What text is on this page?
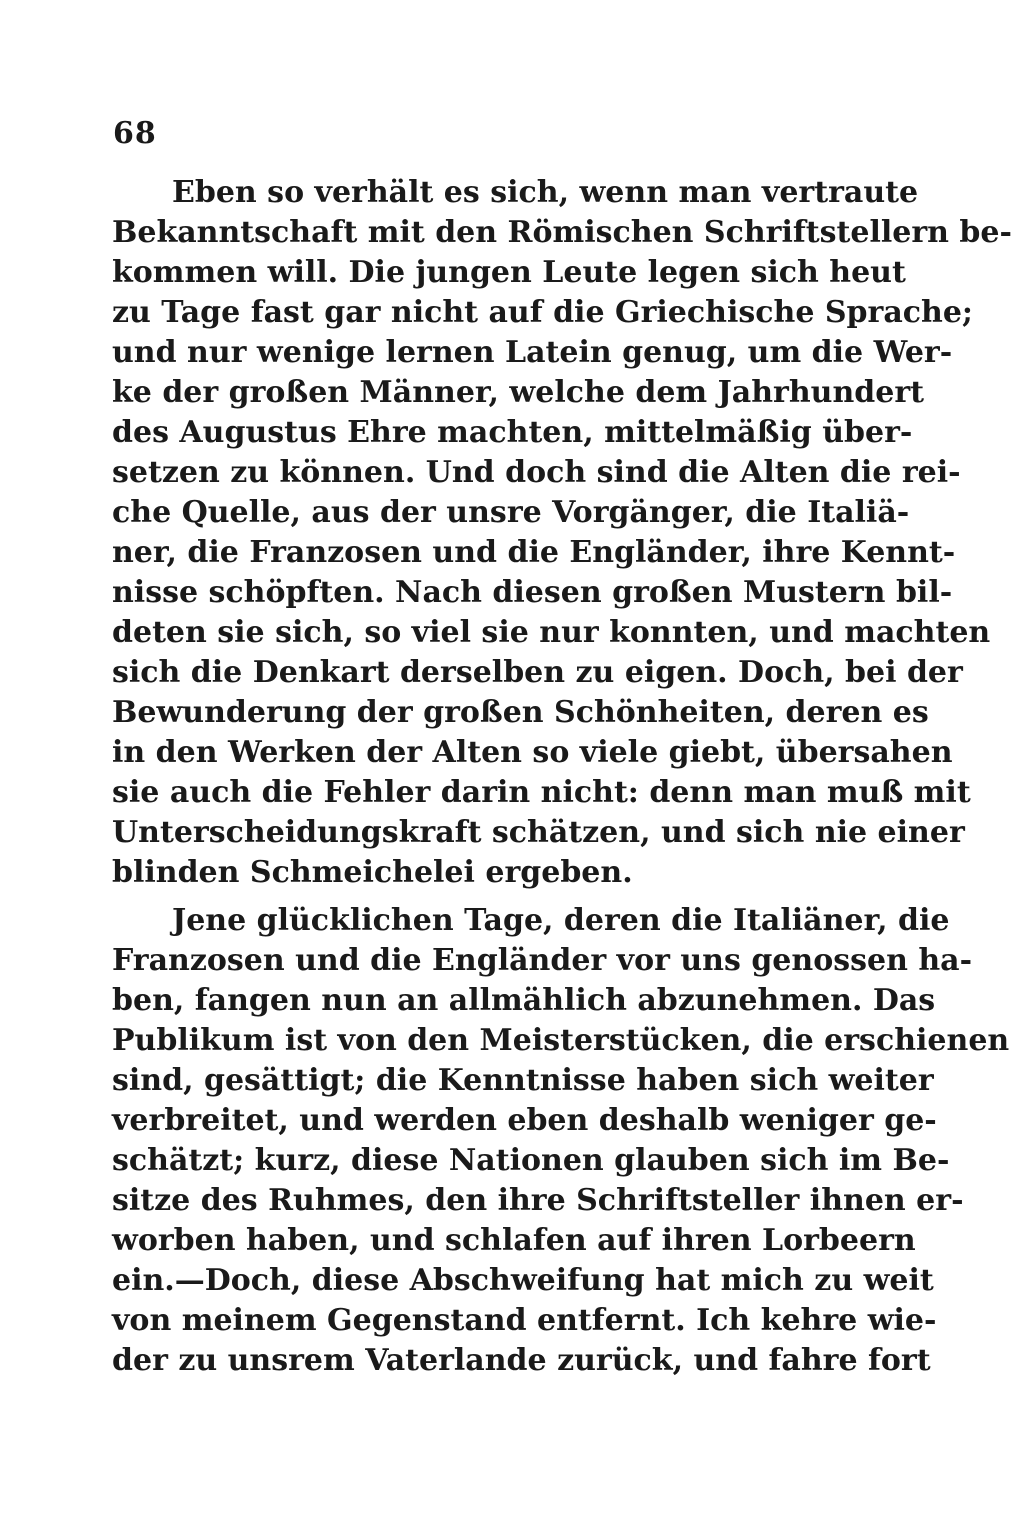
68
Eben so verhält es sich, wenn man vertraute
Bekanntschaft mit den Römischen Schriftstellern be-
kommen will. Die jungen Leute legen sich heut
zu Tage fast gar nicht auf die Griechische Sprache;
und nur wenige lernen Latein genug, um die Wer-
ke der großen Männer, welche dem Jahrhundert
des Augustus Ehre machten, mittelmäßig über-
setzen zu können. Und doch sind die Alten die rei-
che Quelle, aus der unsre Vorgänger, die Italiä-
ner, die Franzosen und die Engländer, ihre Kennt-
nisse schöpften. Nach diesen großen Mustern bil-
deten sie sich, so viel sie nur konnten, und machten
sich die Denkart derselben zu eigen. Doch, bei der
Bewunderung der großen Schönheiten, deren es
in den Werken der Alten so viele giebt, übersahen
sie auch die Fehler darin nicht: denn man muß mit
Unterscheidungskraft schätzen, und sich nie einer
blinden Schmeichelei ergeben.
Jene glücklichen Tage, deren die Italiäner, die
Franzosen und die Engländer vor uns genossen ha-
ben, fangen nun an allmählich abzunehmen. Das
Publikum ist von den Meisterstücken, die erschienen
sind, gesättigt; die Kenntnisse haben sich weiter
verbreitet, und werden eben deshalb weniger ge-
schätzt; kurz, diese Nationen glauben sich im Be-
sitze des Ruhmes, den ihre Schriftsteller ihnen er-
worben haben, und schlafen auf ihren Lorbeern
ein.—Doch, diese Abschweifung hat mich zu weit
von meinem Gegenstand entfernt. Ich kehre wie-
der zu unsrem Vaterlande zurück, und fahre fort
